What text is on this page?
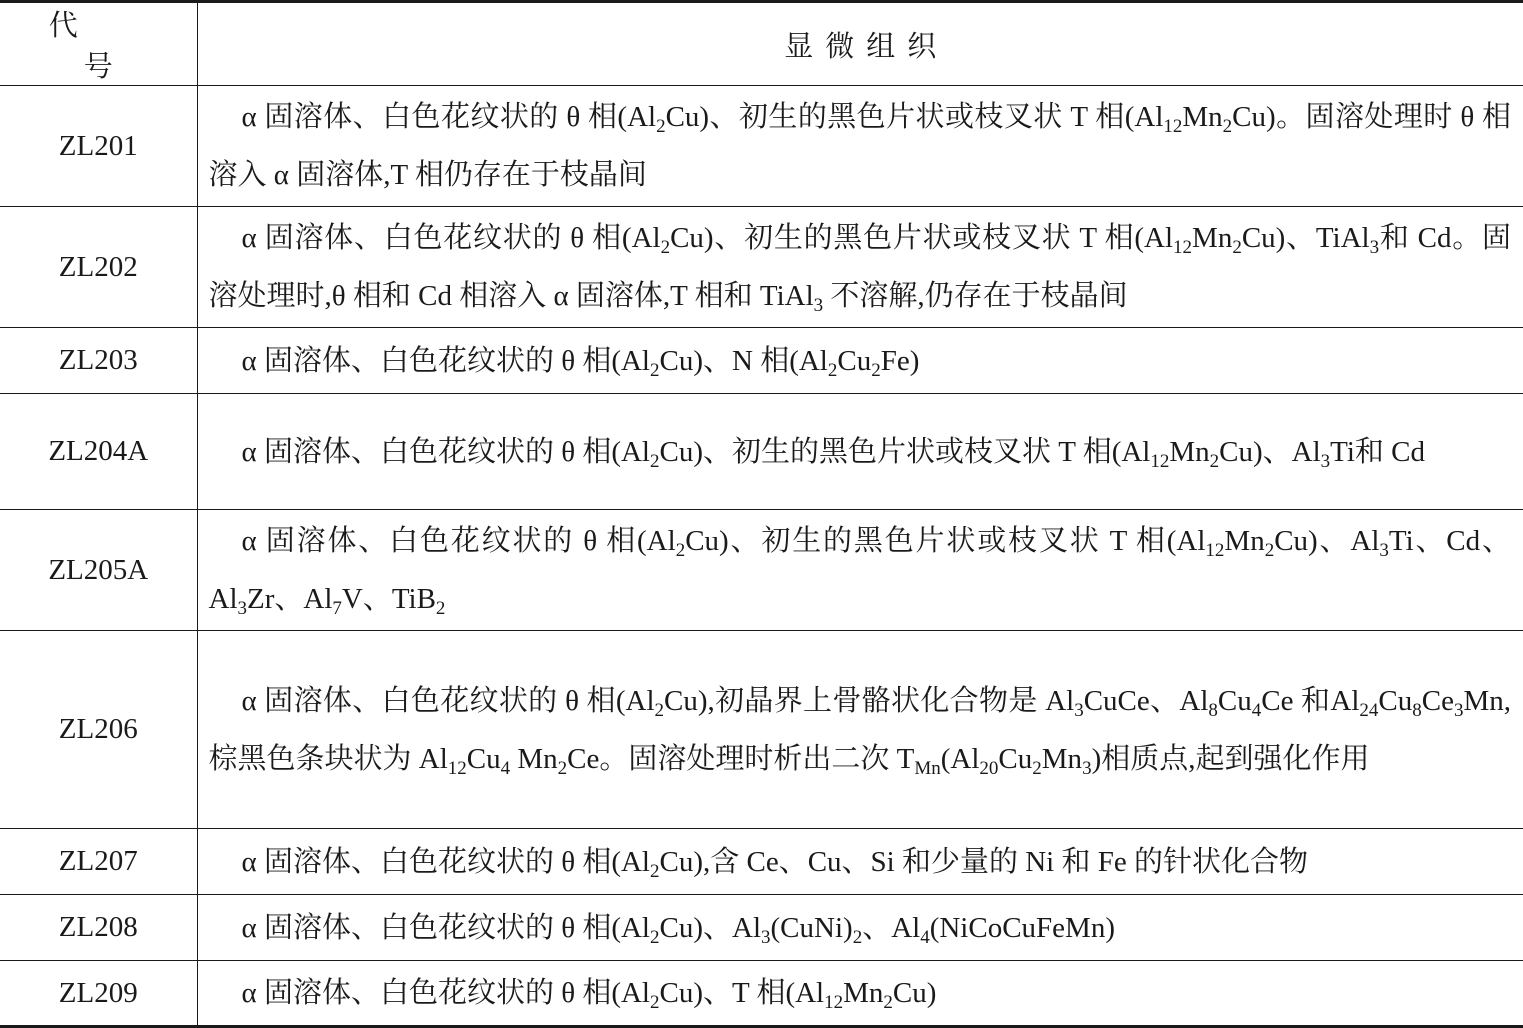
代 号	显微组织
ZL201	α 固溶体、白色花纹状的 θ 相$(Al_2Cu)$、初生的黑色片状或枝叉状 T 相$(Al_{12}Mn_2Cu)$。固溶处理时 θ 相溶入 α 固溶体,T 相仍存在于枝晶间
ZL202	α 固溶体、白色花纹状的 θ 相$(Al_2Cu)$、初生的黑色片状或枝叉状 T 相$(Al_{12}Mn_2Cu)$、TiAl$_3$和 Cd。固溶处理时,θ 相和 Cd 相溶入 α 固溶体,T 相和 TiAl$_3$ 不溶解,仍存在于枝晶间
ZL203	α 固溶体、白色花纹状的 θ 相$(Al_2Cu)$、N 相$(Al_2Cu_2Fe)$
ZL204A	α 固溶体、白色花纹状的 θ 相$(Al_2Cu)$、初生的黑色片状或枝叉状 T 相$(Al_{12}Mn_2Cu)$、$Al_3Ti$和 Cd
ZL205A	α 固溶体、白色花纹状的 θ 相$(Al_2Cu)$、初生的黑色片状或枝叉状 T 相$(Al_{12}Mn_2Cu)$、$Al_3Ti$、Cd、$Al_3Zr$、$Al_7V$、TiB$_2$
ZL206	α 固溶体、白色花纹状的 θ 相$(Al_2Cu)$,初晶界上骨骼状化合物是 $Al_3CuCe$、$Al_8Cu_4Ce$ 和$Al_{24}Cu_8Ce_3Mn$,棕黑色条块状为 $Al_{12}Cu_4$ $Mn_2Ce$。固溶处理时析出二次 $T_{Mn}(Al_{20}Cu_2Mn_3)$相质点,起到强化作用
ZL207	α 固溶体、白色花纹状的 θ 相$(Al_2Cu)$,含 Ce、Cu、Si 和少量的 Ni 和 Fe 的针状化合物
ZL208	α 固溶体、白色花纹状的 θ 相$(Al_2Cu)$、$Al_3(CuNi)_2$、$Al_4(NiCoCuFeMn)$
ZL209	α 固溶体、白色花纹状的 θ 相$(Al_2Cu)$、T 相$(Al_{12}Mn_2Cu)$
